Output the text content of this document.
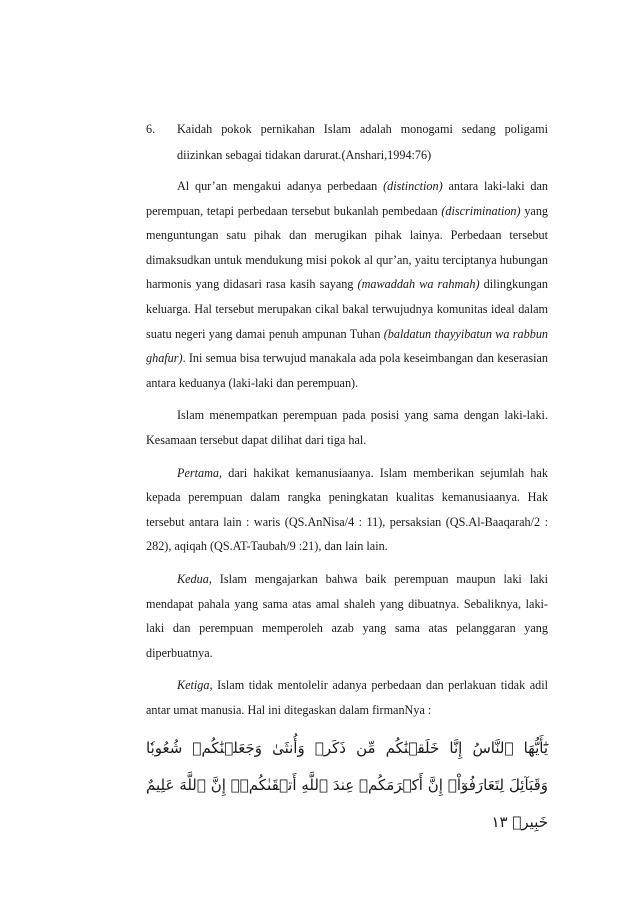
6. Kaidah pokok pernikahan Islam adalah monogami sedang poligami diizinkan sebagai tidakan darurat.(Anshari,1994:76)

Al qur’an mengakui adanya perbedaan (distinction) antara laki-laki dan perempuan, tetapi perbedaan tersebut bukanlah pembedaan (discrimination) yang menguntungan satu pihak dan merugikan pihak lainya. Perbedaan tersebut dimaksudkan untuk mendukung misi pokok al qur’an, yaitu terciptanya hubungan harmonis yang didasari rasa kasih sayang (mawaddah wa rahmah) dilingkungan keluarga. Hal tersebut merupakan cikal bakal terwujudnya komunitas ideal dalam suatu negeri yang damai penuh ampunan Tuhan (baldatun thayyibatun wa rabbun ghafur). Ini semua bisa terwujud manakala ada pola keseimbangan dan keserasian antara keduanya (laki-laki dan perempuan).

Islam menempatkan perempuan pada posisi yang sama dengan laki-laki. Kesamaan tersebut dapat dilihat dari tiga hal.

Pertama, dari hakikat kemanusiaanya. Islam memberikan sejumlah hak kepada perempuan dalam rangka peningkatan kualitas kemanusiaanya. Hak tersebut antara lain : waris (QS.AnNisa/4 : 11), persaksian (QS.Al-Baaqarah/2 : 282), aqiqah (QS.AT-Taubah/9 :21), dan lain lain.

Kedua, Islam mengajarkan bahwa baik perempuan maupun laki laki mendapat pahala yang sama atas amal shaleh yang dibuatnya. Sebaliknya, laki-laki dan perempuan memperoleh azab yang sama atas pelanggaran yang diperbuatnya.

Ketiga, Islam tidak mentolelir adanya perbedaan dan perlakuan tidak adil antar umat manusia. Hal ini ditegaskan dalam firmanNya :

يَٰٓأَيُّهَا ٱلنَّاسُ إِنَّا خَلَقۡنَٰكُم مِّن ذَكَرٖ وَأُنثَىٰ وَجَعَلۡنَٰكُمۡ شُعُوبٗا وَقَبَآئِلَ لِتَعَارَفُوٓاْۚ إِنَّ أَكۡرَمَكُمۡ عِندَ ٱللَّهِ أَتۡقَىٰكُمۡۚ إِنَّ ٱللَّهَ عَلِيمٌ خَبِيرٞ ١٣
